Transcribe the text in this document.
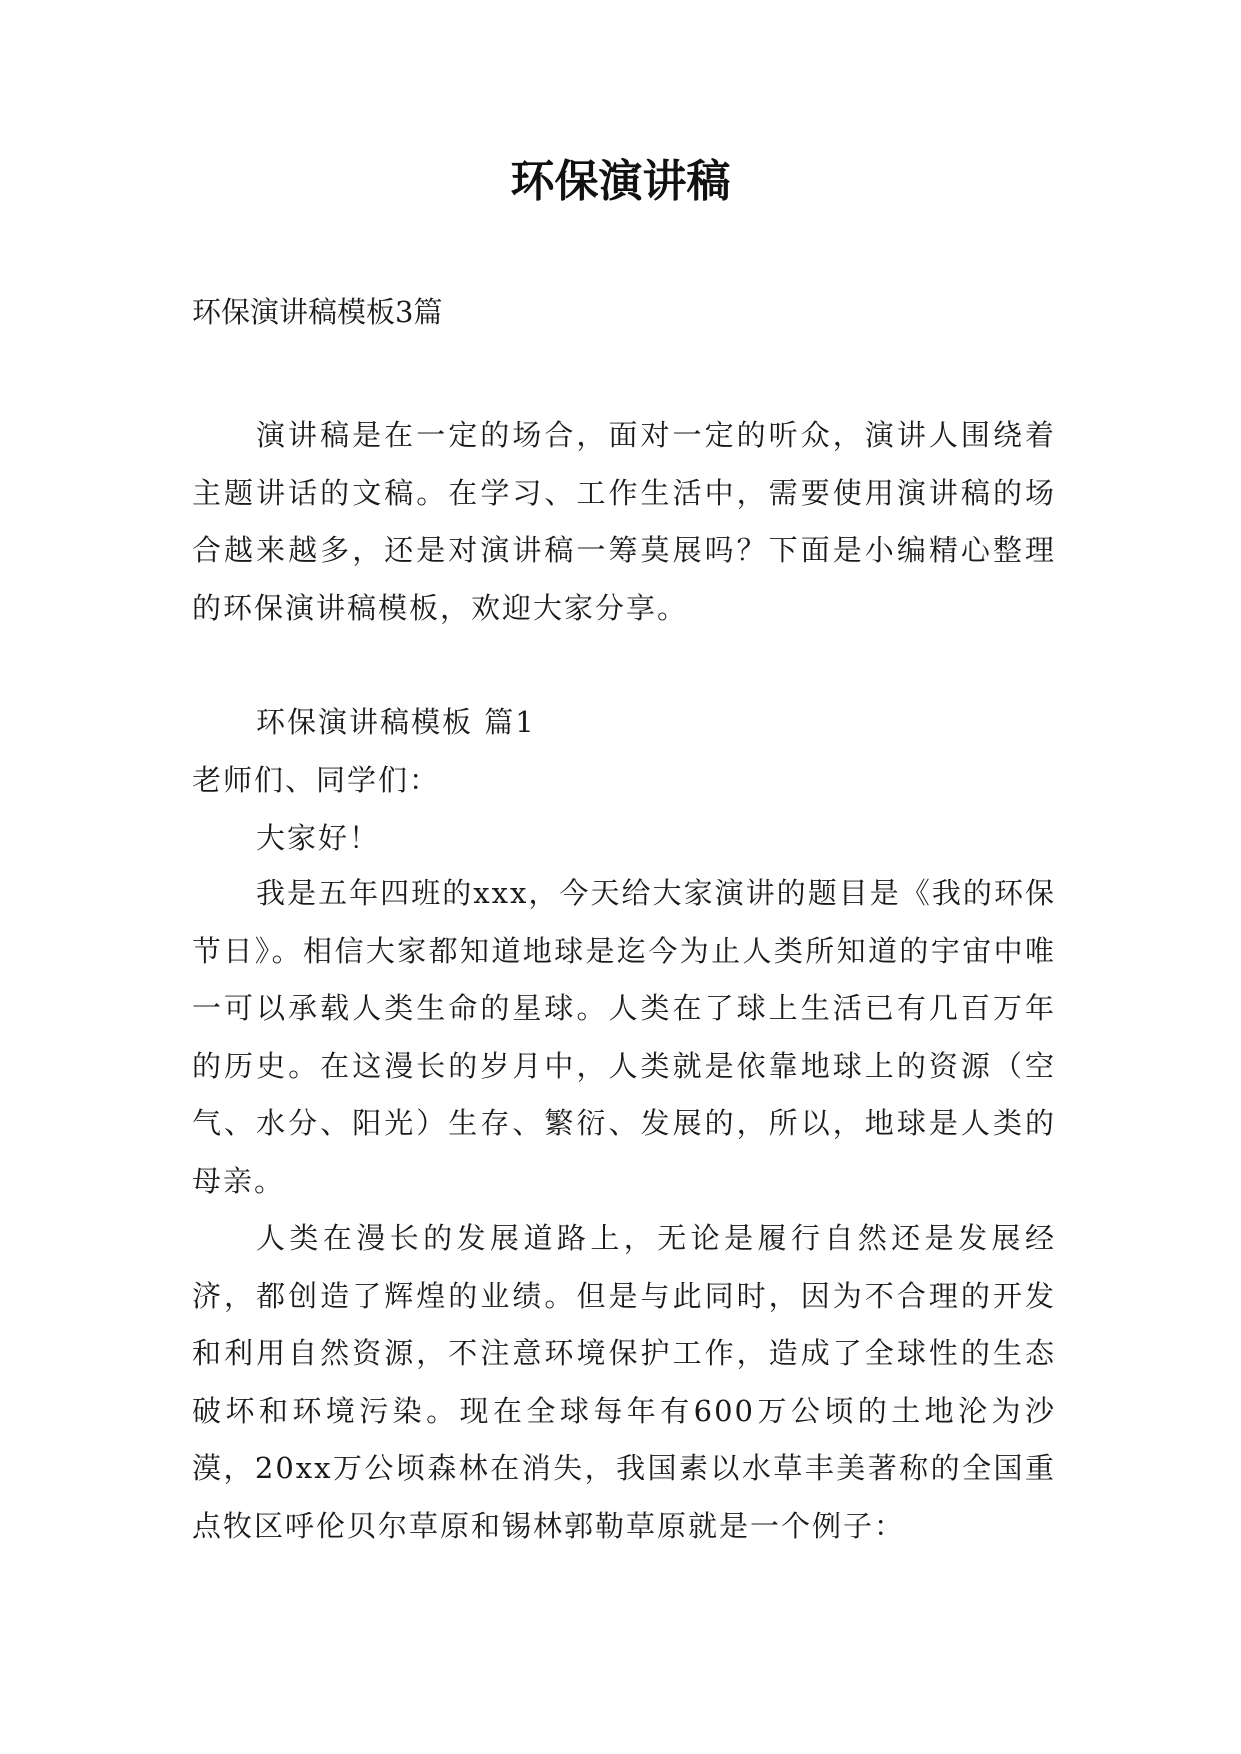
环保演讲稿

环保演讲稿模板3篇

演讲稿是在一定的场合，面对一定的听众，演讲人围绕着主题讲话的文稿。在学习、工作生活中，需要使用演讲稿的场合越来越多，还是对演讲稿一筹莫展吗？下面是小编精心整理的环保演讲稿模板，欢迎大家分享。

环保演讲稿模板 篇1

老师们、同学们：

大家好！

我是五年四班的xxx，今天给大家演讲的题目是《我的环保节日》。相信大家都知道地球是迄今为止人类所知道的宇宙中唯一可以承载人类生命的星球。人类在了球上生活已有几百万年的历史。在这漫长的岁月中，人类就是依靠地球上的资源（空气、水分、阳光）生存、繁衍、发展的，所以，地球是人类的母亲。

人类在漫长的发展道路上，无论是履行自然还是发展经济，都创造了辉煌的业绩。但是与此同时，因为不合理的开发和利用自然资源，不注意环境保护工作，造成了全球性的生态破坏和环境污染。现在全球每年有600万公顷的土地沦为沙漠，20xx万公顷森林在消失，我国素以水草丰美著称的全国重点牧区呼伦贝尔草原和锡林郭勒草原就是一个例子：
